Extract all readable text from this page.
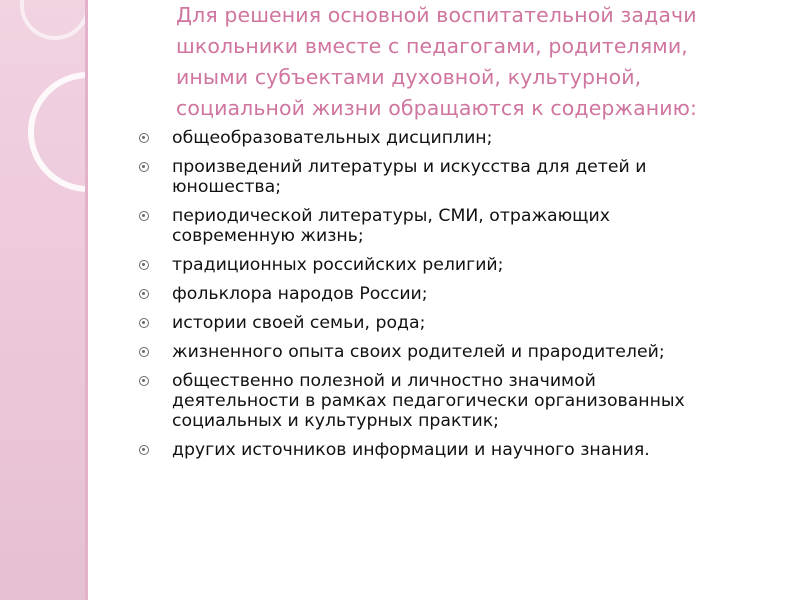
Для решения основной воспитательной задачи
школьники вместе с педагогами, родителями,
иными субъектами духовной, культурной,
социальной жизни обращаются к содержанию:
общеобразовательных дисциплин;
произведений литературы и искусства для детей и
юношества;
периодической литературы, СМИ, отражающих
современную жизнь;
традиционных российских религий;
фольклора народов России;
истории своей семьи, рода;
жизненного опыта своих родителей и прародителей;
общественно полезной и личностно значимой
деятельности в рамках педагогически организованных
социальных и культурных практик;
других источников информации и научного знания.
